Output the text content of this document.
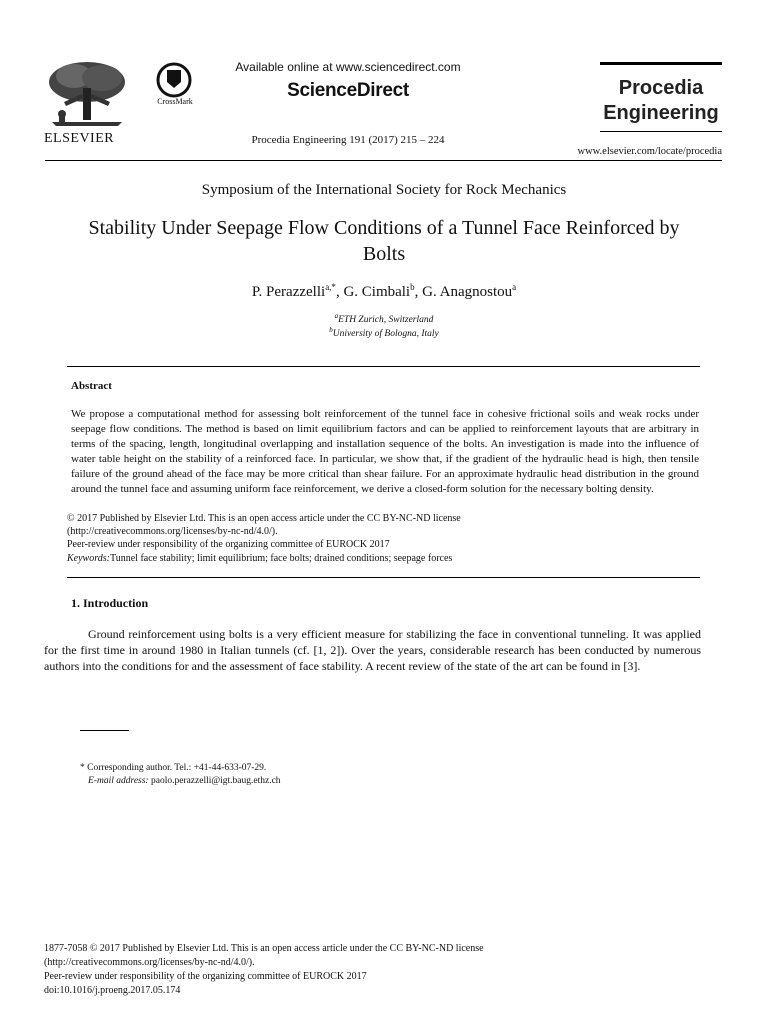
ELSEVIER
CrossMark
Available online at www.sciencedirect.com
ScienceDirect
Procedia Engineering 191 (2017) 215 – 224
Procedia
Engineering
www.elsevier.com/locate/procedia
Symposium of the International Society for Rock Mechanics
Stability Under Seepage Flow Conditions of a Tunnel Face Reinforced by Bolts
P. Perazzelli$^{a,*}$, G. Cimbali$^b$, G. Anagnostou$^a$
$^a$ETH Zurich, Switzerland
$^b$University of Bologna, Italy
Abstract
We propose a computational method for assessing bolt reinforcement of the tunnel face in cohesive frictional soils and weak rocks under seepage flow conditions. The method is based on limit equilibrium factors and can be applied to reinforcement layouts that are arbitrary in terms of the spacing, length, longitudinal overlapping and installation sequence of the bolts. An investigation is made into the influence of water table height on the stability of a reinforced face. In particular, we show that, if the gradient of the hydraulic head is high, then tensile failure of the ground ahead of the face may be more critical than shear failure. For an approximate hydraulic head distribution in the ground around the tunnel face and assuming uniform face reinforcement, we derive a closed-form solution for the necessary bolting density.
© 2017 Published by Elsevier Ltd. This is an open access article under the CC BY-NC-ND license
(http://creativecommons.org/licenses/by-nc-nd/4.0/).
Peer-review under responsibility of the organizing committee of EUROCK 2017
Keywords:Tunnel face stability; limit equilibrium; face bolts; drained conditions; seepage forces
1. Introduction
Ground reinforcement using bolts is a very efficient measure for stabilizing the face in conventional tunneling. It was applied for the first time in around 1980 in Italian tunnels (cf. [1, 2]). Over the years, considerable research has been conducted by numerous authors into the conditions for and the assessment of face stability. A recent review of the state of the art can be found in [3].
* Corresponding author. Tel.: +41-44-633-07-29.
E-mail address: paolo.perazzelli@igt.baug.ethz.ch
1877-7058 © 2017 Published by Elsevier Ltd. This is an open access article under the CC BY-NC-ND license
(http://creativecommons.org/licenses/by-nc-nd/4.0/).
Peer-review under responsibility of the organizing committee of EUROCK 2017
doi:10.1016/j.proeng.2017.05.174
